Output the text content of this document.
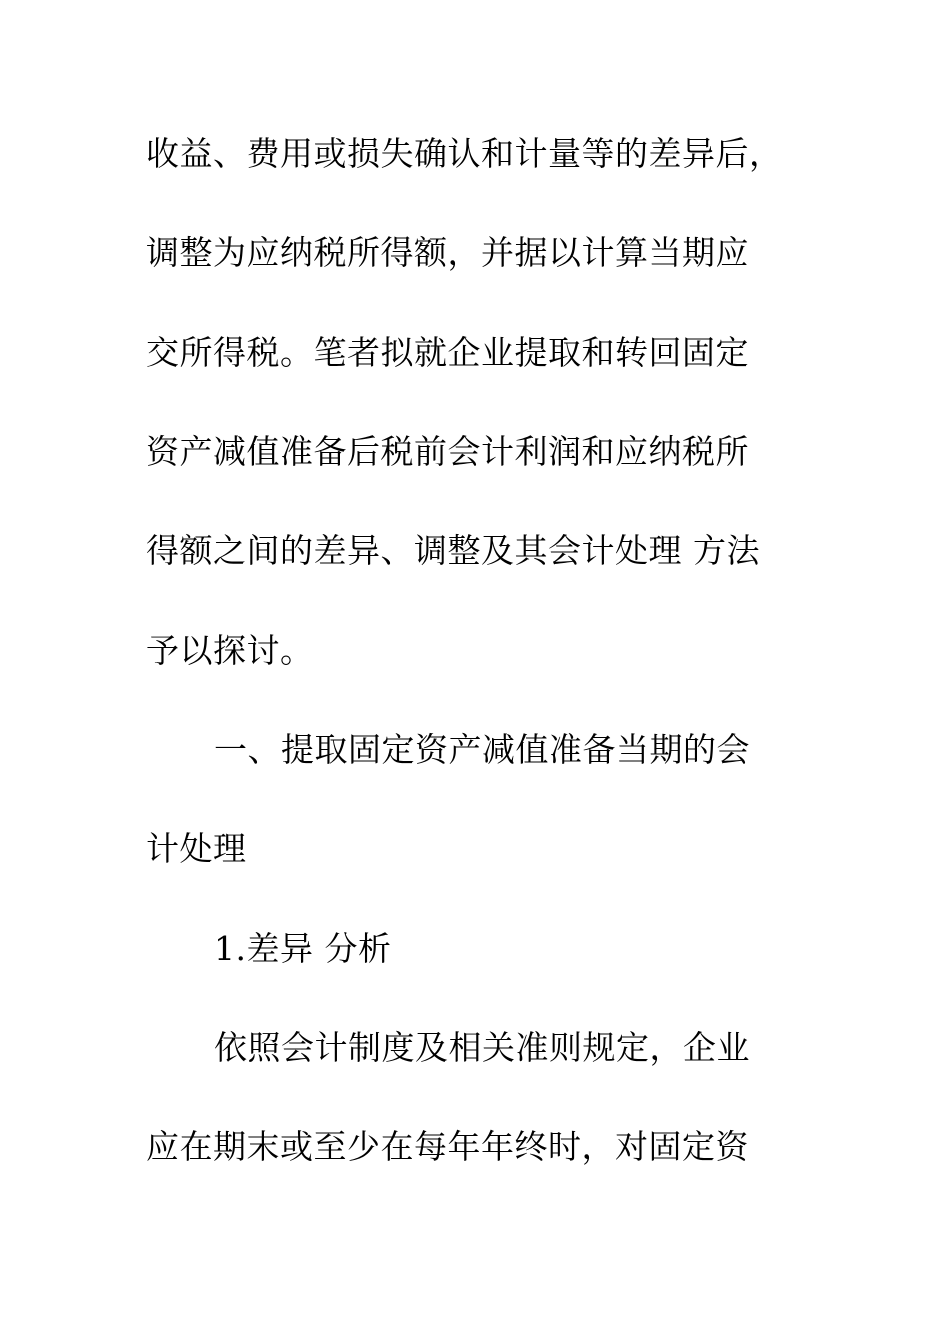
收益、费用或损失确认和计量等的差异后，
调整为应纳税所得额，并据以计算当期应
交所得税。笔者拟就企业提取和转回固定
资产减值准备后税前会计利润和应纳税所
得额之间的差异、调整及其会计处理 方法
予以探讨。
一、提取固定资产减值准备当期的会
计处理
1.差异 分析
依照会计制度及相关准则规定，企业
应在期末或至少在每年年终时，对固定资
